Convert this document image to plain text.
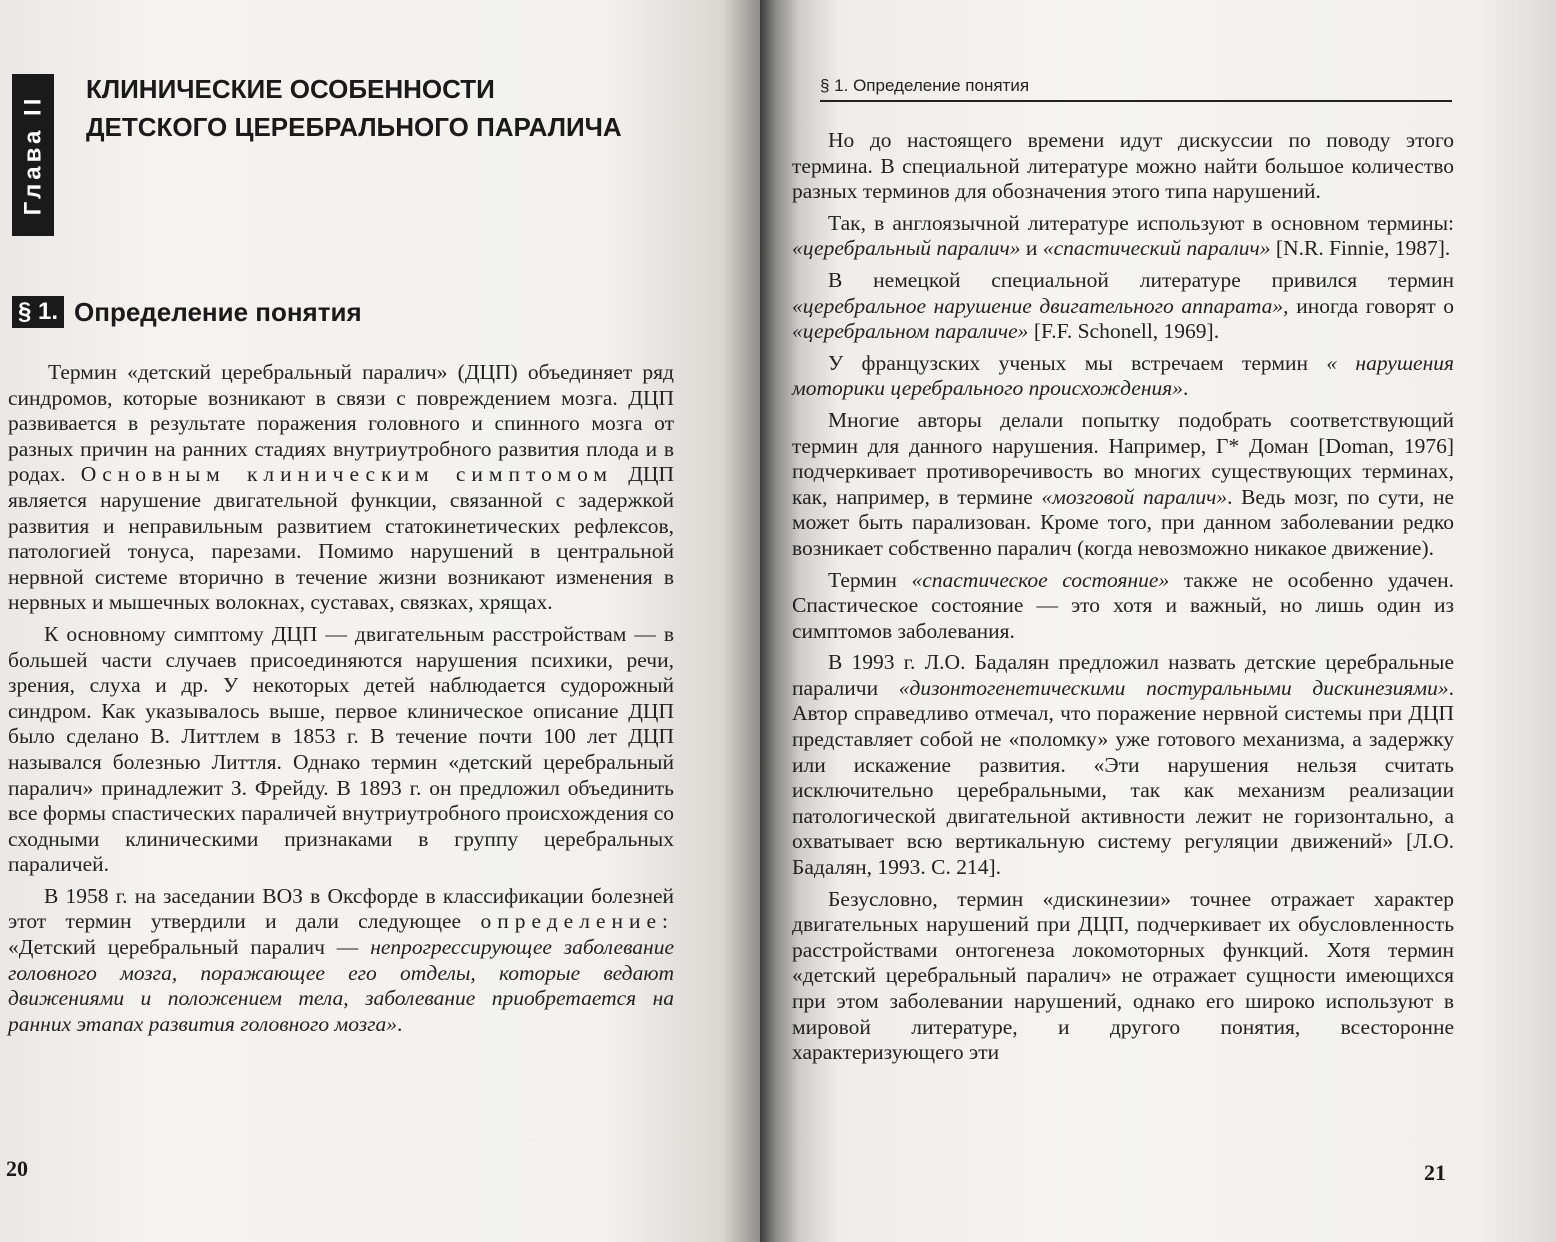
Глава II
КЛИНИЧЕСКИЕ ОСОБЕННОСТИ
ДЕТСКОГО ЦЕРЕБРАЛЬНОГО ПАРАЛИЧА
§ 1. Определение понятия

Термин «детский церебральный паралич» (ДЦП) объединяет ряд синдромов, которые возникают в связи с повреждением мозга. ДЦП развивается в результате поражения головного и спинного мозга от разных причин на ранних стадиях внутриутробного развития плода и в родах. Основным клиническим симптомом ДЦП является нарушение двигательной функции, связанной с задержкой развития и неправильным развитием статокинетических рефлексов, патологией тонуса, парезами. Помимо нарушений в центральной нервной системе вторично в течение жизни возникают изменения в нервных и мышечных волокнах, суставах, связках, хрящах.

К основному симптому ДЦП — двигательным расстройствам — в большей части случаев присоединяются нарушения психики, речи, зрения, слуха и др. У некоторых детей наблюдается судорожный синдром. Как указывалось выше, первое клиническое описание ДЦП было сделано В. Литтлем в 1853 г. В течение почти 100 лет ДЦП назывался болезнью Литтля. Однако термин «детский церебральный паралич» принадлежит З. Фрейду. В 1893 г. он предложил объединить все формы спастических параличей внутриутробного происхождения со сходными клиническими признаками в группу церебральных параличей.

В 1958 г. на заседании ВОЗ в Оксфорде в классификации болезней этот термин утвердили и дали следующее определение: «Детский церебральный паралич — непрогрессирующее заболевание головного мозга, поражающее его отделы, которые ведают движениями и положением тела, заболевание приобретается на ранних этапах развития головного мозга».

20
§ 1. Определение понятия

Но до настоящего времени идут дискуссии по поводу этого термина. В специальной литературе можно найти большое количество разных терминов для обозначения этого типа нарушений.

Так, в англоязычной литературе используют в основном термины: «церебральный паралич» и «спастический паралич» [N.R. Finnie, 1987].

В немецкой специальной литературе привился термин «церебральное нарушение двигательного аппарата», иногда говорят о «церебральном параличе» [F.F. Schonell, 1969].

У французских ученых мы встречаем термин « нарушения моторики церебрального происхождения».

Многие авторы делали попытку подобрать соответствующий термин для данного нарушения. Например, Г* Доман [Doman, 1976] подчеркивает противоречивость во многих существующих терминах, как, например, в термине «мозговой паралич». Ведь мозг, по сути, не может быть парализован. Кроме того, при данном заболевании редко возникает собственно паралич (когда невозможно никакое движение).

Термин «спастическое состояние» также не особенно удачен. Спастическое состояние — это хотя и важный, но лишь один из симптомов заболевания.

В 1993 г. Л.О. Бадалян предложил назвать детские церебральные параличи «дизонтогенетическими постуральными дискинезиями». Автор справедливо отмечал, что поражение нервной системы при ДЦП представляет собой не «поломку» уже готового механизма, а задержку или искажение развития. «Эти нарушения нельзя считать исключительно церебральными, так как механизм реализации патологической двигательной активности лежит не горизонтально, а охватывает всю вертикальную систему регуляции движений» [Л.О. Бадалян, 1993. С. 214].

Безусловно, термин «дискинезии» точнее отражает характер двигательных нарушений при ДЦП, подчеркивает их обусловленность расстройствами онтогенеза локомоторных функций. Хотя термин «детский церебральный паралич» не отражает сущности имеющихся при этом заболевании нарушений, однако его широко используют в мировой литературе, и другого понятия, всесторонне характеризующего эти

21
